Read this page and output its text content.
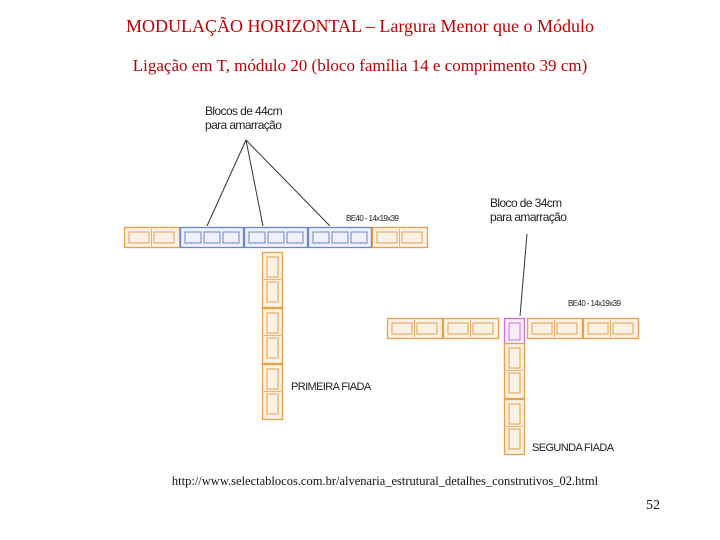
MODULAÇÃO HORIZONTAL – Largura Menor que o Módulo
Ligação em T, módulo 20 (bloco família 14 e comprimento 39 cm)
Blocos de 44cm
para amarração
BE40 - 14x19x39
PRIMEIRA FIADA
Bloco de 34cm
para amarração
BE40 - 14x19x39
SEGUNDA FIADA
http://www.selectablocos.com.br/alvenaria_estrutural_detalhes_construtivos_02.html
52
